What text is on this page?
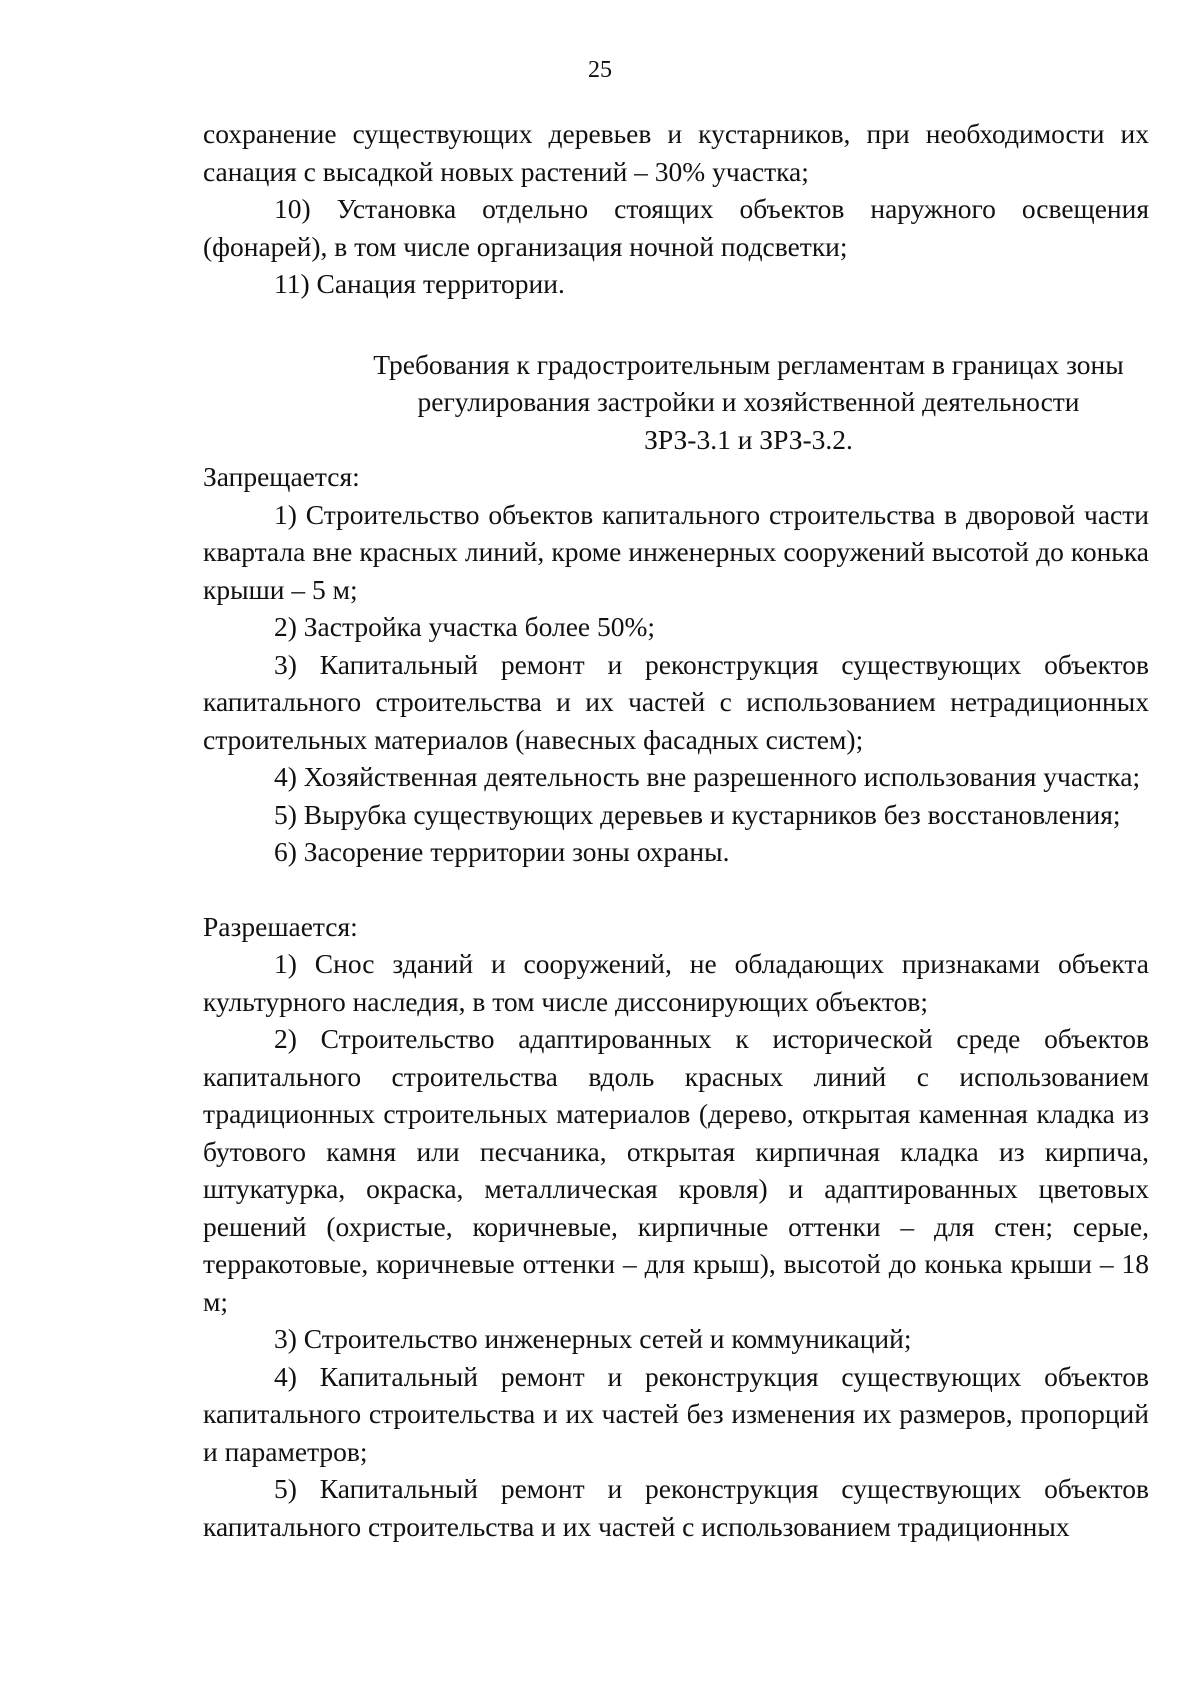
25

сохранение существующих деревьев и кустарников, при необходимости их санация с высадкой новых растений – 30% участка;

10) Установка отдельно стоящих объектов наружного освещения (фонарей), в том числе организация ночной подсветки;

11) Санация территории.

Требования к градостроительным регламентам в границах зоны
регулирования застройки и хозяйственной деятельности
ЗРЗ-3.1 и ЗРЗ-3.2.

Запрещается:

1) Строительство объектов капитального строительства в дворовой части квартала вне красных линий, кроме инженерных сооружений высотой до конька крыши – 5 м;

2) Застройка участка более 50%;

3) Капитальный ремонт и реконструкция существующих объектов капитального строительства и их частей с использованием нетрадиционных строительных материалов (навесных фасадных систем);

4) Хозяйственная деятельность вне разрешенного использования участка;

5) Вырубка существующих деревьев и кустарников без восстановления;

6) Засорение территории зоны охраны.

Разрешается:

1) Снос зданий и сооружений, не обладающих признаками объекта культурного наследия, в том числе диссонирующих объектов;

2) Строительство адаптированных к исторической среде объектов капитального строительства вдоль красных линий с использованием традиционных строительных материалов (дерево, открытая каменная кладка из бутового камня или песчаника, открытая кирпичная кладка из кирпича, штукатурка, окраска, металлическая кровля) и адаптированных цветовых решений (охристые, коричневые, кирпичные оттенки – для стен; серые, терракотовые, коричневые оттенки – для крыш), высотой до конька крыши – 18 м;

3) Строительство инженерных сетей и коммуникаций;

4) Капитальный ремонт и реконструкция существующих объектов капитального строительства и их частей без изменения их размеров, пропорций и параметров;

5) Капитальный ремонт и реконструкция существующих объектов капитального строительства и их частей с использованием традиционных
